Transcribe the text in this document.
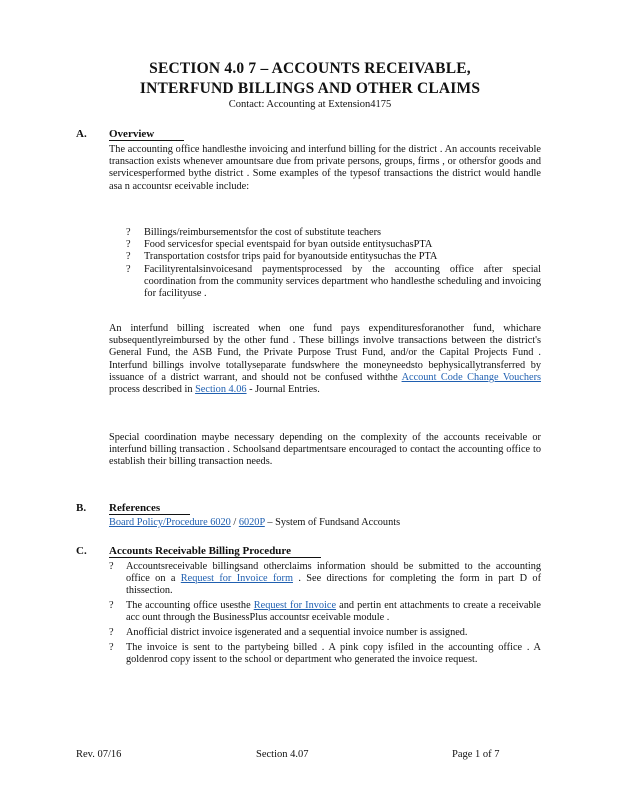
SECTION 4.0 7 – ACCOUNTS RECEIVABLE,
INTERFUND BILLINGS AND OTHER CLAIMS
Contact: Accounting at Extension4175
A. Overview
The accounting office handlesthe invoicing and interfund billing for the district . An accounts receivable transaction exists whenever amountsare due from private persons, groups, firms , or othersfor goods and servicesperformed bythe district . Some examples of the typesof transactions the district would handle asa n accountsr eceivable include:
? Billings/reimbursementsfor the cost of substitute teachers
? Food servicesfor special eventspaid for byan outside entitysuchasPTA
? Transportation costsfor trips paid for byanoutside entitysuchas the PTA
? Facilityrentalsinvoicesand paymentsprocessed by the accounting office after special coordination from the community services department who handlesthe scheduling and invoicing for facilityuse .
An interfund billing iscreated when one fund pays expendituresforanother fund, whichare subsequentlyreimbursed by the other fund . These billings involve transactions between the district's General Fund, the ASB Fund, the Private Purpose Trust Fund, and/or the Capital Projects Fund . Interfund billings involve totallyseparate fundswhere the moneyneedsto bephysicallytransferred by issuance of a district warrant, and should not be confused withthe Account Code Change Vouchers process described in Section 4.06 - Journal Entries.
Special coordination maybe necessary depending on the complexity of the accounts receivable or interfund billing transaction . Schoolsand departmentsare encouraged to contact the accounting office to establish their billing transaction needs.
B. References
Board Policy/Procedure 6020 / 6020P – System of Fundsand Accounts
C. Accounts Receivable Billing Procedure
? Accountsreceivable billingsand otherclaims information should be submitted to the accounting office on a Request for Invoice form . See directions for completing the form in part D of thissection.
? The accounting office usesthe Request for Invoice and pertin ent attachments to create a receivable acc ount through the BusinessPlus accountsr eceivable module .
? Anofficial district invoice isgenerated and a sequential invoice number is assigned.
? The invoice is sent to the partybeing billed . A pink copy isfiled in the accounting office . A goldenrod copy issent to the school or department who generated the invoice request.
Rev. 07/16	Section 4.07	Page 1 of 7
